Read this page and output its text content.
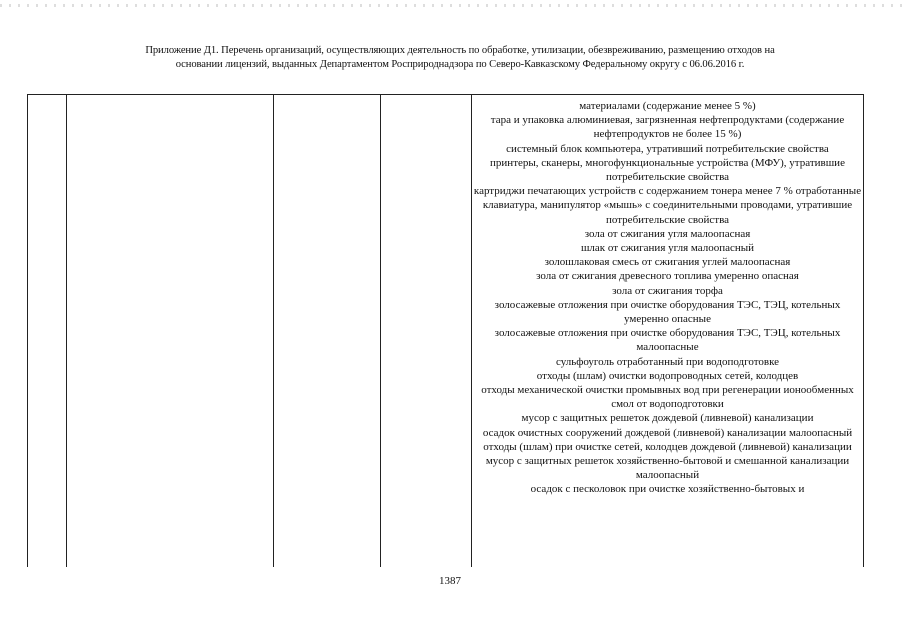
Приложение Д1. Перечень организаций, осуществляющих деятельность по обработке, утилизации, обезвреживанию, размещению отходов на
основании лицензий, выданных Департаментом Росприроднадзора по Северо-Кавказскому Федеральному округу с 06.06.2016 г.

материалами (содержание менее 5 %)

тара и упаковка алюминиевая, загрязненная нефтепродуктами (содержание нефтепродуктов не более 15 %)

системный блок компьютера, утративший потребительские свойства

принтеры, сканеры, многофункциональные устройства (МФУ), утратившие потребительские свойства

картриджи печатающих устройств с содержанием тонера менее 7 % отработанные

клавиатура, манипулятор «мышь» с соединительными проводами, утратившие потребительские свойства

зола от сжигания угля малоопасная

шлак от сжигания угля малоопасный

золошлаковая смесь от сжигания углей малоопасная

зола от сжигания древесного топлива умеренно опасная

зола от сжигания торфа

золосажевые отложения при очистке оборудования ТЭС, ТЭЦ, котельных умеренно опасные

золосажевые отложения при очистке оборудования ТЭС, ТЭЦ, котельных малоопасные

сульфоуголь отработанный при водоподготовке

отходы (шлам) очистки водопроводных сетей, колодцев

отходы механической очистки промывных вод при регенерации ионообменных смол от водоподготовки

мусор с защитных решеток дождевой (ливневой) канализации

осадок очистных сооружений дождевой (ливневой) канализации малоопасный

отходы (шлам) при очистке сетей, колодцев дождевой (ливневой) канализации

мусор с защитных решеток хозяйственно-бытовой и смешанной канализации малоопасный

осадок с песколовок при очистке хозяйственно-бытовых и

1387
